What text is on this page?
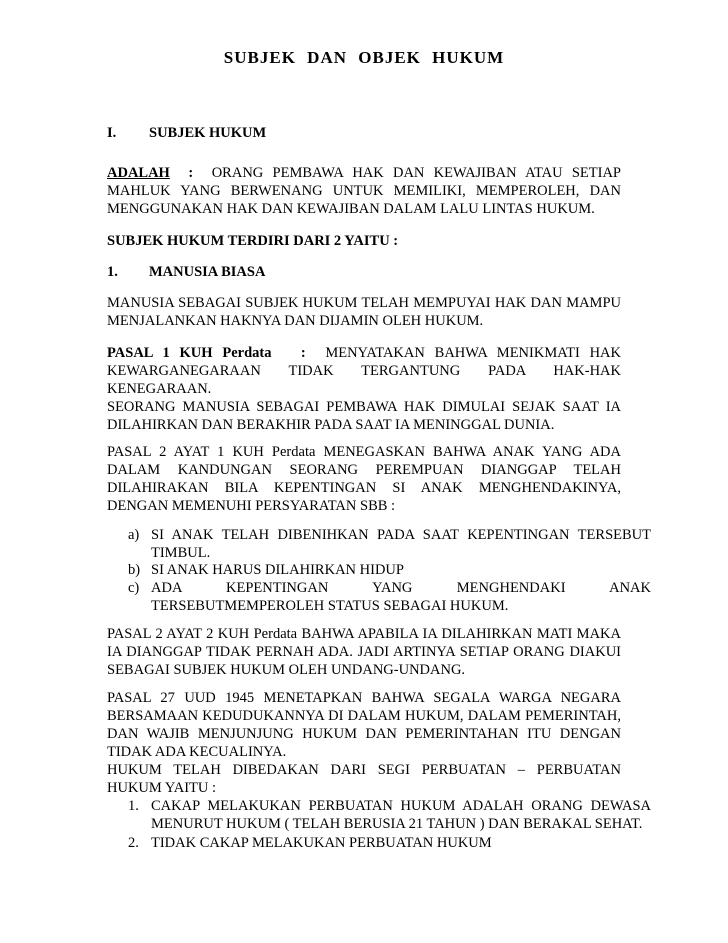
SUBJEK DAN OBJEK HUKUM
I. SUBJEK HUKUM

ADALAH  :  ORANG PEMBAWA HAK DAN KEWAJIBAN ATAU SETIAP MAHLUK YANG BERWENANG UNTUK MEMILIKI, MEMPEROLEH, DAN MENGGUNAKAN HAK DAN KEWAJIBAN DALAM LALU LINTAS HUKUM.

SUBJEK HUKUM TERDIRI DARI 2 YAITU :
1. MANUSIA BIASA

MANUSIA SEBAGAI SUBJEK HUKUM TELAH MEMPUYAI HAK DAN MAMPU MENJALANKAN HAKNYA DAN DIJAMIN OLEH HUKUM.

PASAL 1 KUH Perdata   :  MENYATAKAN BAHWA MENIKMATI HAK KEWARGANEGARAAN TIDAK TERGANTUNG PADA HAK-HAK KENEGARAAN.

SEORANG MANUSIA SEBAGAI PEMBAWA HAK DIMULAI SEJAK SAAT IA DILAHIRKAN DAN BERAKHIR PADA SAAT IA MENINGGAL DUNIA.

PASAL 2 AYAT 1 KUH Perdata MENEGASKAN BAHWA ANAK YANG ADA DALAM KANDUNGAN SEORANG PEREMPUAN DIANGGAP TELAH DILAHIRAKAN BILA KEPENTINGAN SI ANAK MENGHENDAKINYA, DENGAN MEMENUHI PERSYARATAN SBB :

a) SI ANAK TELAH DIBENIHKAN PADA SAAT KEPENTINGAN TERSEBUT TIMBUL.
b) SI ANAK HARUS DILAHIRKAN HIDUP
c) ADA KEPENTINGAN YANG MENGHENDAKI ANAK TERSEBUTMEMPEROLEH STATUS SEBAGAI HUKUM.

PASAL 2 AYAT 2 KUH Perdata BAHWA APABILA IA DILAHIRKAN MATI MAKA IA DIANGGAP TIDAK PERNAH ADA. JADI ARTINYA SETIAP ORANG DIAKUI SEBAGAI SUBJEK HUKUM OLEH UNDANG-UNDANG.

PASAL 27 UUD 1945 MENETAPKAN BAHWA SEGALA WARGA NEGARA BERSAMAAN KEDUDUKANNYA DI DALAM HUKUM, DALAM PEMERINTAH, DAN WAJIB MENJUNJUNG HUKUM DAN PEMERINTAHAN ITU DENGAN TIDAK ADA KECUALINYA.

HUKUM TELAH DIBEDAKAN DARI SEGI PERBUATAN – PERBUATAN HUKUM YAITU :

1. CAKAP MELAKUKAN PERBUATAN HUKUM ADALAH ORANG DEWASA MENURUT HUKUM ( TELAH BERUSIA 21 TAHUN ) DAN BERAKAL SEHAT.
2. TIDAK CAKAP MELAKUKAN PERBUATAN HUKUM
